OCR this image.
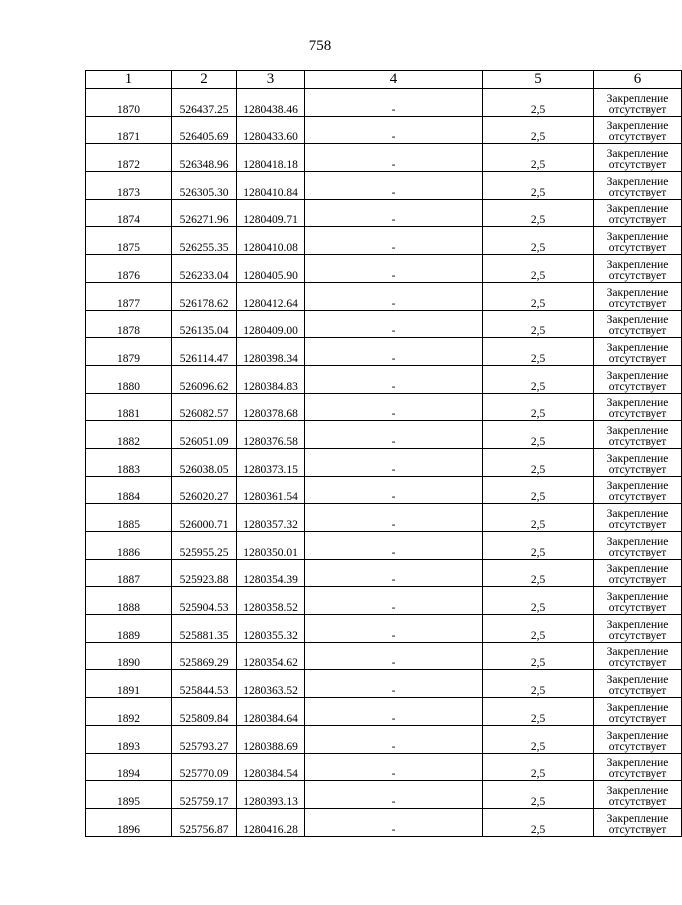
758
1	2	3	4	5	6
1870	526437.25	1280438.46	-	2,5	Закрепление отсутствует
1871	526405.69	1280433.60	-	2,5	Закрепление отсутствует
1872	526348.96	1280418.18	-	2,5	Закрепление отсутствует
1873	526305.30	1280410.84	-	2,5	Закрепление отсутствует
1874	526271.96	1280409.71	-	2,5	Закрепление отсутствует
1875	526255.35	1280410.08	-	2,5	Закрепление отсутствует
1876	526233.04	1280405.90	-	2,5	Закрепление отсутствует
1877	526178.62	1280412.64	-	2,5	Закрепление отсутствует
1878	526135.04	1280409.00	-	2,5	Закрепление отсутствует
1879	526114.47	1280398.34	-	2,5	Закрепление отсутствует
1880	526096.62	1280384.83	-	2,5	Закрепление отсутствует
1881	526082.57	1280378.68	-	2,5	Закрепление отсутствует
1882	526051.09	1280376.58	-	2,5	Закрепление отсутствует
1883	526038.05	1280373.15	-	2,5	Закрепление отсутствует
1884	526020.27	1280361.54	-	2,5	Закрепление отсутствует
1885	526000.71	1280357.32	-	2,5	Закрепление отсутствует
1886	525955.25	1280350.01	-	2,5	Закрепление отсутствует
1887	525923.88	1280354.39	-	2,5	Закрепление отсутствует
1888	525904.53	1280358.52	-	2,5	Закрепление отсутствует
1889	525881.35	1280355.32	-	2,5	Закрепление отсутствует
1890	525869.29	1280354.62	-	2,5	Закрепление отсутствует
1891	525844.53	1280363.52	-	2,5	Закрепление отсутствует
1892	525809.84	1280384.64	-	2,5	Закрепление отсутствует
1893	525793.27	1280388.69	-	2,5	Закрепление отсутствует
1894	525770.09	1280384.54	-	2,5	Закрепление отсутствует
1895	525759.17	1280393.13	-	2,5	Закрепление отсутствует
1896	525756.87	1280416.28	-	2,5	Закрепление отсутствует
